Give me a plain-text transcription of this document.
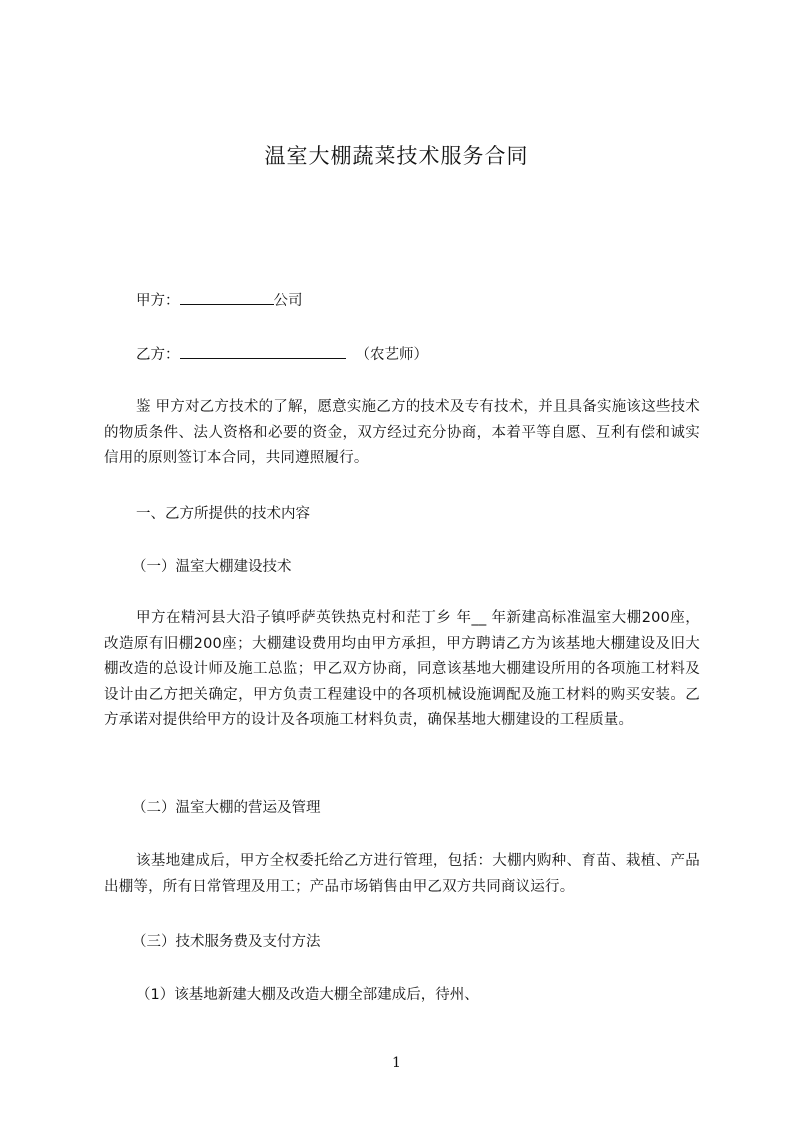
温室大棚蔬菜技术服务合同
甲方：	公司
乙方：	（农艺师）
鉴 甲方对乙方技术的了解，愿意实施乙方的技术及专有技术，并且具备实施该这些技术的物质条件、法人资格和必要的资金，双方经过充分协商，本着平等自愿、互利有偿和诚实信用的原则签订本合同，共同遵照履行。
一、乙方所提供的技术内容
（一）温室大棚建设技术
甲方在精河县大沿子镇呼萨英铁热克村和茫丁乡 年__ 年新建高标准温室大棚200座，改造原有旧棚200座；大棚建设费用均由甲方承担，甲方聘请乙方为该基地大棚建设及旧大棚改造的总设计师及施工总监；甲乙双方协商，同意该基地大棚建设所用的各项施工材料及设计由乙方把关确定，甲方负责工程建设中的各项机械设施调配及施工材料的购买安装。乙方承诺对提供给甲方的设计及各项施工材料负责，确保基地大棚建设的工程质量。
（二）温室大棚的营运及管理
该基地建成后，甲方全权委托给乙方进行管理，包括：大棚内购种、育苗、栽植、产品出棚等，所有日常管理及用工；产品市场销售由甲乙双方共同商议运行。
（三）技术服务费及支付方法
（1）该基地新建大棚及改造大棚全部建成后，待州、
1
